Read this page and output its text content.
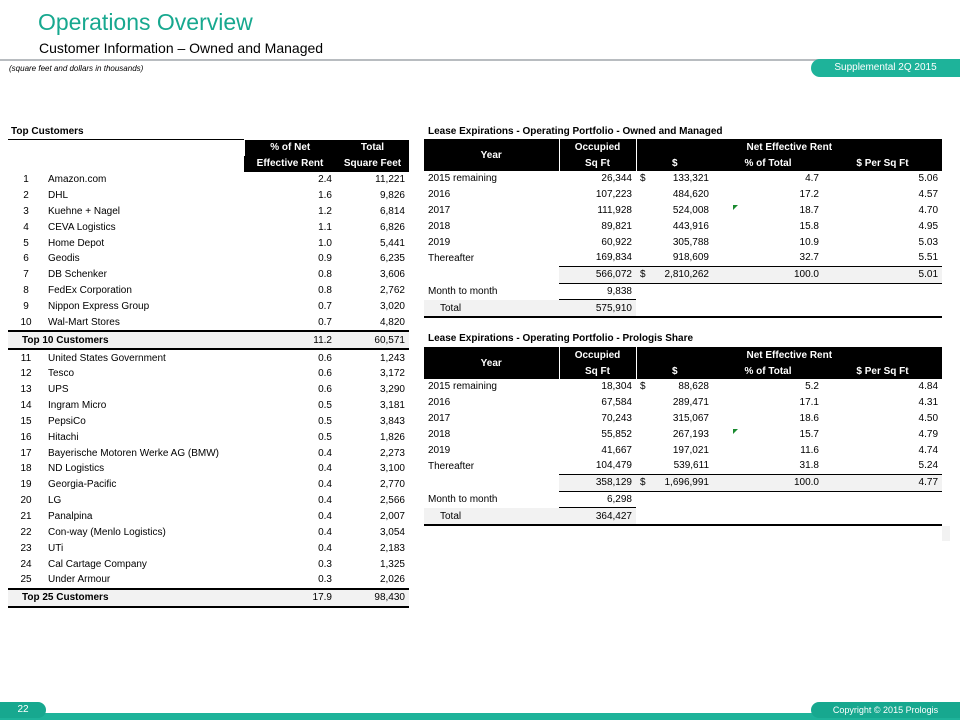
Operations Overview
Customer Information – Owned and Managed
(square feet and dollars in thousands)	Supplemental 2Q 2015
Top Customers
		% of Net	Total
		Effective Rent	Square Feet
1	Amazon.com	2.4	11,221
2	DHL	1.6	9,826
3	Kuehne + Nagel	1.2	6,814
4	CEVA Logistics	1.1	6,826
5	Home Depot	1.0	5,441
6	Geodis	0.9	6,235
7	DB Schenker	0.8	3,606
8	FedEx Corporation	0.8	2,762
9	Nippon Express Group	0.7	3,020
10	Wal-Mart Stores	0.7	4,820
Top 10 Customers		11.2	60,571
11	United States Government	0.6	1,243
12	Tesco	0.6	3,172
13	UPS	0.6	3,290
14	Ingram Micro	0.5	3,181
15	PepsiCo	0.5	3,843
16	Hitachi	0.5	1,826
17	Bayerische Motoren Werke AG (BMW)	0.4	2,273
18	ND Logistics	0.4	3,100
19	Georgia-Pacific	0.4	2,770
20	LG	0.4	2,566
21	Panalpina	0.4	2,007
22	Con-way (Menlo Logistics)	0.4	3,054
23	UTi	0.4	2,183
24	Cal Cartage Company	0.3	1,325
25	Under Armour	0.3	2,026
Top 25 Customers		17.9	98,430
Lease Expirations - Operating Portfolio - Owned and Managed
Year	Occupied	Net Effective Rent			
	Sq Ft	$		% of Total	$ Per Sq Ft
2015 remaining	26,344	$	133,321	4.7	5.06
2016	107,223		484,620	17.2	4.57
2017	111,928		524,008	18.7	4.70
2018	89,821		443,916	15.8	4.95
2019	60,922		305,788	10.9	5.03
Thereafter	169,834		918,609	32.7	5.51
	566,072	$	2,810,262	100.0	5.01
Month to month	9,838				
Total	575,910				
Lease Expirations - Operating Portfolio - Prologis Share
Year	Occupied	Net Effective Rent			
	Sq Ft	$		% of Total	$ Per Sq Ft
2015 remaining	18,304	$	88,628	5.2	4.84
2016	67,584		289,471	17.1	4.31
2017	70,243		315,067	18.6	4.50
2018	55,852		267,193	15.7	4.79
2019	41,667		197,021	11.6	4.74
Thereafter	104,479		539,611	31.8	5.24
	358,129	$	1,696,991	100.0	4.77
Month to month	6,298				
Total	364,427				
22	Copyright © 2015 Prologis
